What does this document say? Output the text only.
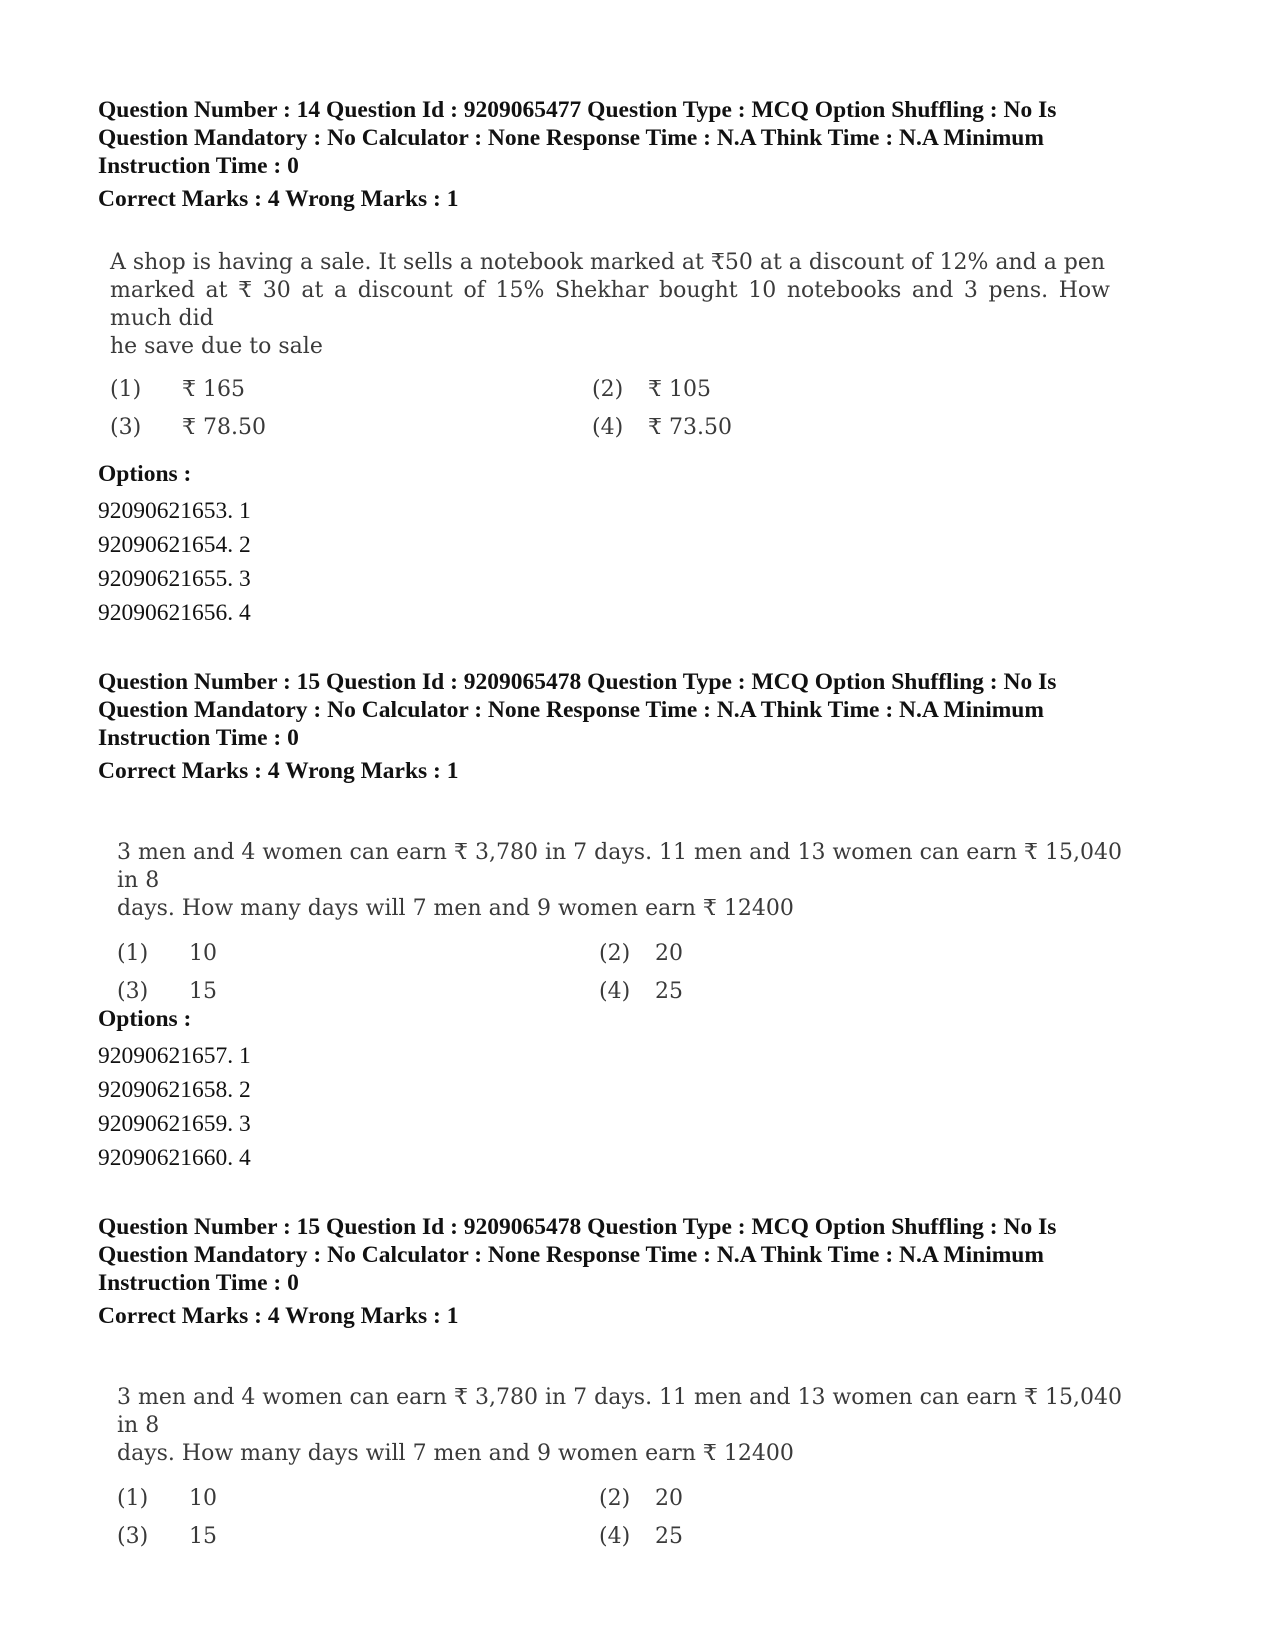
Question Number : 14 Question Id : 9209065477 Question Type : MCQ Option Shuffling : No Is

Question Mandatory : No Calculator : None Response Time : N.A Think Time : N.A Minimum

Instruction Time : 0

Correct Marks : 4 Wrong Marks : 1

A shop is having a sale. It sells a notebook marked at ₹50 at a discount of 12% and a pen

marked at ₹ 30 at a discount of 15% Shekhar bought 10 notebooks and 3 pens. How much did

he save due to sale

(1)	₹ 165	(2)	₹ 105
(3)	₹ 78.50	(4)	₹ 73.50

Options :

92090621653. 1

92090621654. 2

92090621655. 3

92090621656. 4

Question Number : 15 Question Id : 9209065478 Question Type : MCQ Option Shuffling : No Is

Question Mandatory : No Calculator : None Response Time : N.A Think Time : N.A Minimum

Instruction Time : 0

Correct Marks : 4 Wrong Marks : 1

3 men and 4 women can earn ₹ 3,780 in 7 days. 11 men and 13 women can earn ₹ 15,040 in 8

days. How many days will 7 men and 9 women earn ₹ 12400

(1)	10	(2)	20
(3)	15	(4)	25

Options :

92090621657. 1

92090621658. 2

92090621659. 3

92090621660. 4

Question Number : 15 Question Id : 9209065478 Question Type : MCQ Option Shuffling : No Is

Question Mandatory : No Calculator : None Response Time : N.A Think Time : N.A Minimum

Instruction Time : 0

Correct Marks : 4 Wrong Marks : 1

3 men and 4 women can earn ₹ 3,780 in 7 days. 11 men and 13 women can earn ₹ 15,040 in 8

days. How many days will 7 men and 9 women earn ₹ 12400

(1)	10	(2)	20
(3)	15	(4)	25
